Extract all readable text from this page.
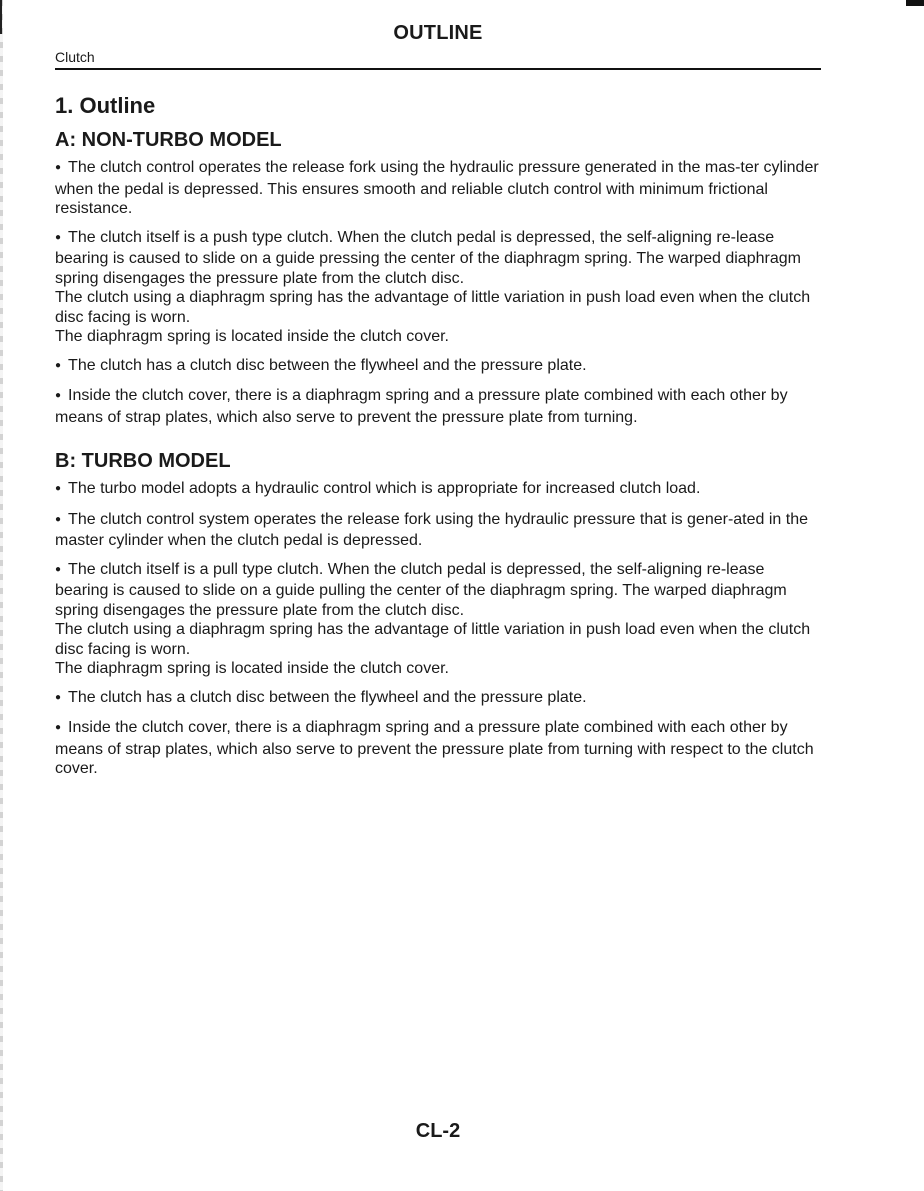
OUTLINE
Clutch
1. Outline
A: NON-TURBO MODEL
● The clutch control operates the release fork using the hydraulic pressure generated in the mas-ter cylinder when the pedal is depressed. This ensures smooth and reliable clutch control with minimum frictional resistance.
● The clutch itself is a push type clutch. When the clutch pedal is depressed, the self-aligning re-lease bearing is caused to slide on a guide pressing the center of the diaphragm spring. The warped diaphragm spring disengages the pressure plate from the clutch disc.
The clutch using a diaphragm spring has the advantage of little variation in push load even when the clutch disc facing is worn.
The diaphragm spring is located inside the clutch cover.
● The clutch has a clutch disc between the flywheel and the pressure plate.
● Inside the clutch cover, there is a diaphragm spring and a pressure plate combined with each other by means of strap plates, which also serve to prevent the pressure plate from turning.
B: TURBO MODEL
● The turbo model adopts a hydraulic control which is appropriate for increased clutch load.
● The clutch control system operates the release fork using the hydraulic pressure that is gener-ated in the master cylinder when the clutch pedal is depressed.
● The clutch itself is a pull type clutch. When the clutch pedal is depressed, the self-aligning re-lease bearing is caused to slide on a guide pulling the center of the diaphragm spring. The warped diaphragm spring disengages the pressure plate from the clutch disc.
The clutch using a diaphragm spring has the advantage of little variation in push load even when the clutch disc facing is worn.
The diaphragm spring is located inside the clutch cover.
● The clutch has a clutch disc between the flywheel and the pressure plate.
● Inside the clutch cover, there is a diaphragm spring and a pressure plate combined with each other by means of strap plates, which also serve to prevent the pressure plate from turning with respect to the clutch cover.
CL-2
